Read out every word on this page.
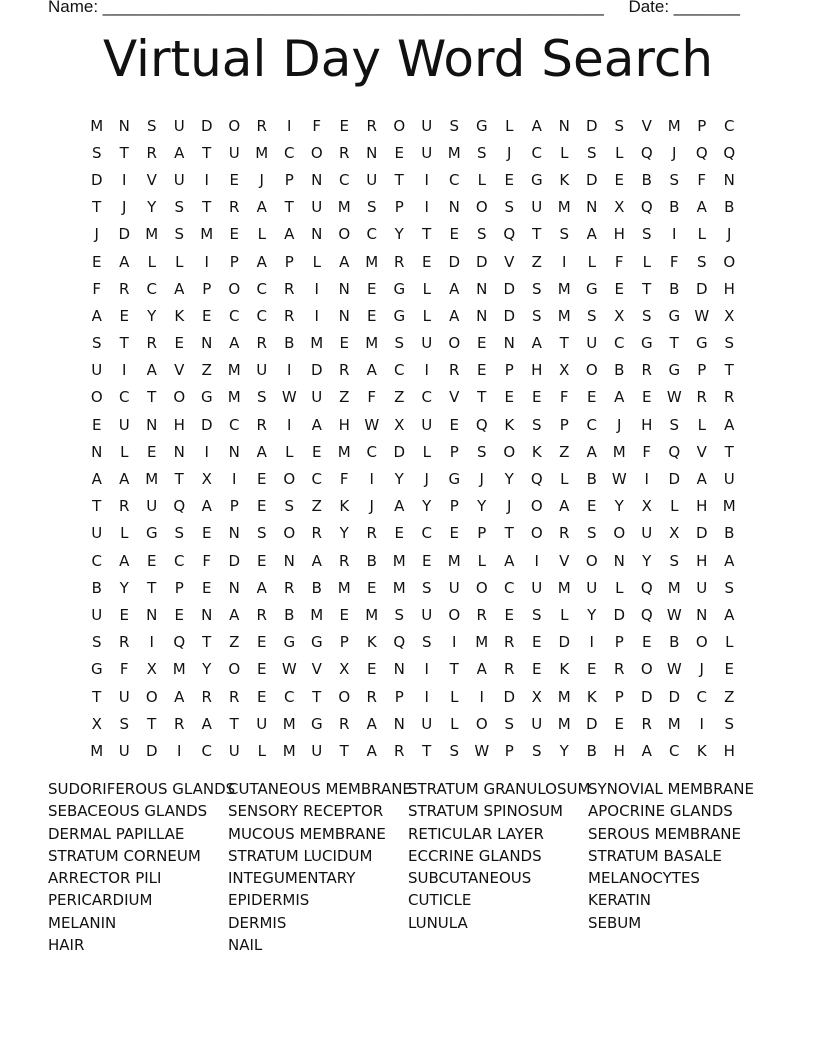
Name: _____________________________________________________ Date: _______
Virtual Day Word Search
M	N	S	U	D	O	R	I	F	E	R	O	U	S	G	L	A	N	D	S	V	M	P	C
S	T	R	A	T	U	M	C	O	R	N	E	U	M	S	J	C	L	S	L	Q	J	Q	Q
D	I	V	U	I	E	J	P	N	C	U	T	I	C	L	E	G	K	D	E	B	S	F	N
T	J	Y	S	T	R	A	T	U	M	S	P	I	N	O	S	U	M	N	X	Q	B	A	B
J	D	M	S	M	E	L	A	N	O	C	Y	T	E	S	Q	T	S	A	H	S	I	L	J
E	A	L	L	I	P	A	P	L	A	M	R	E	D	D	V	Z	I	L	F	L	F	S	O
F	R	C	A	P	O	C	R	I	N	E	G	L	A	N	D	S	M	G	E	T	B	D	H
A	E	Y	K	E	C	C	R	I	N	E	G	L	A	N	D	S	M	S	X	S	G W X
S	T	R	E	N	A	R	B	M	E	M	S	U	O	E	N	A	T	U	C	G	T	G	S
U	I	A	V	Z	M	U	I	D	R	A	C	I	R	E	P	H	X	O	B	R	G	P	T
O	C	T	O	G	M	S	W U	Z	F	Z	C	V	T	E	E	F	E	A	E	W R	R
E	U	N	H	D	C	R	I	A	H W X	U	E	Q	K	S	P	C	J	H	S	L	A
N	L	E	N	I	N	A	L	E	M	C	D	L	P	S	O	K	Z	A	M	F	Q	V	T
A	A	M	T	X	I	E	O	C	F	I	Y	J	G	J	Y	Q	L	B W	I	D	A	U
T	R	U	Q	A	P	E	S	Z	K	J	A	Y	P	Y	J	O	A	E	Y	X	L	H	M
U	L	G	S	E	N	S	O	R	Y	R	E	C	E	P	T	O	R	S	O	U	X	D	B
C	A	E	C	F	D	E	N	A	R	B	M	E	M	L	A	I	V	O	N	Y	S	H	A
B	Y	T	P	E	N	A	R	B	M	E	M	S	U	O	C	U	M	U	L	Q	M	U	S
U	E	N	E	N	A	R	B	M	E	M	S	U	O	R	E	S	L	Y	D	Q W N	A
S	R	I	Q	T	Z	E	G	G	P	K	Q	S	I	M	R	E	D	I	P	E	B	O	L
G	F	X	M	Y	O	E	W V	X	E	N	I	T	A	R	E	K	E	R	O W	J	E
T	U	O	A	R	R	E	C	T	O	R	P	I	L	I	D	X	M	K	P	D	D	C	Z
X	S	T	R	A	T	U	M	G	R	A	N	U	L	O	S	U	M	D	E	R	M	I	S
M	U	D	I	C	U	L	M	U	T	A	R	T	S	W	P	S	Y	B	H	A	C	K	H
SUDORIFEROUS GLANDS
SEBACEOUS GLANDS
DERMAL PAPILLAE
STRATUM CORNEUM
ARRECTOR PILI
PERICARDIUM
MELANIN
HAIR
CUTANEOUS MEMBRANE
SENSORY RECEPTOR
MUCOUS MEMBRANE
STRATUM LUCIDUM
INTEGUMENTARY
EPIDERMIS
DERMIS
NAIL
STRATUM GRANULOSUM
STRATUM SPINOSUM
RETICULAR LAYER
ECCRINE GLANDS
SUBCUTANEOUS
CUTICLE
LUNULA
SYNOVIAL MEMBRANE
APOCRINE GLANDS
SEROUS MEMBRANE
STRATUM BASALE
MELANOCYTES
KERATIN
SEBUM
